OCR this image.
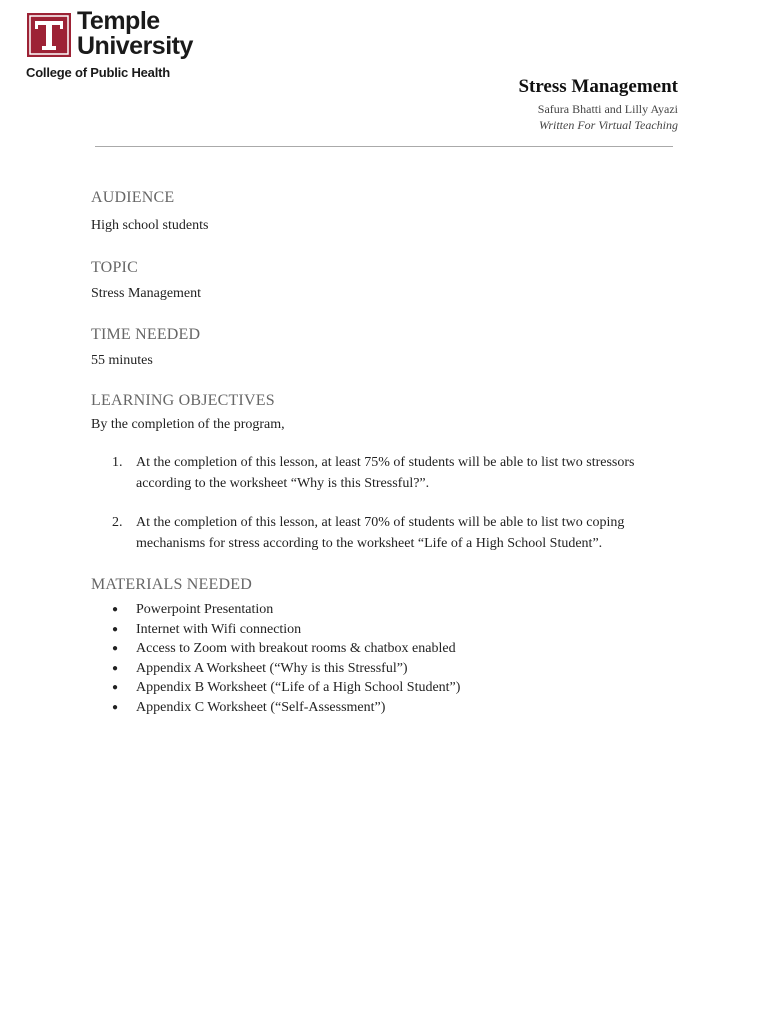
Temple
University
College of Public Health
Stress Management
Safura Bhatti and Lilly Ayazi
Written For Virtual Teaching
AUDIENCE

High school students

TOPIC

Stress Management

TIME NEEDED

55 minutes

LEARNING OBJECTIVES

By the completion of the program,

1. At the completion of this lesson, at least 75% of students will be able to list two stressors according to the worksheet “Why is this Stressful?”.
2. At the completion of this lesson, at least 70% of students will be able to list two coping mechanisms for stress according to the worksheet “Life of a High School Student”.
MATERIALS NEEDED
● Powerpoint Presentation
● Internet with Wifi connection
● Access to Zoom with breakout rooms & chatbox enabled
● Appendix A Worksheet (“Why is this Stressful”)
● Appendix B Worksheet (“Life of a High School Student”)
● Appendix C Worksheet (“Self-Assessment”)
